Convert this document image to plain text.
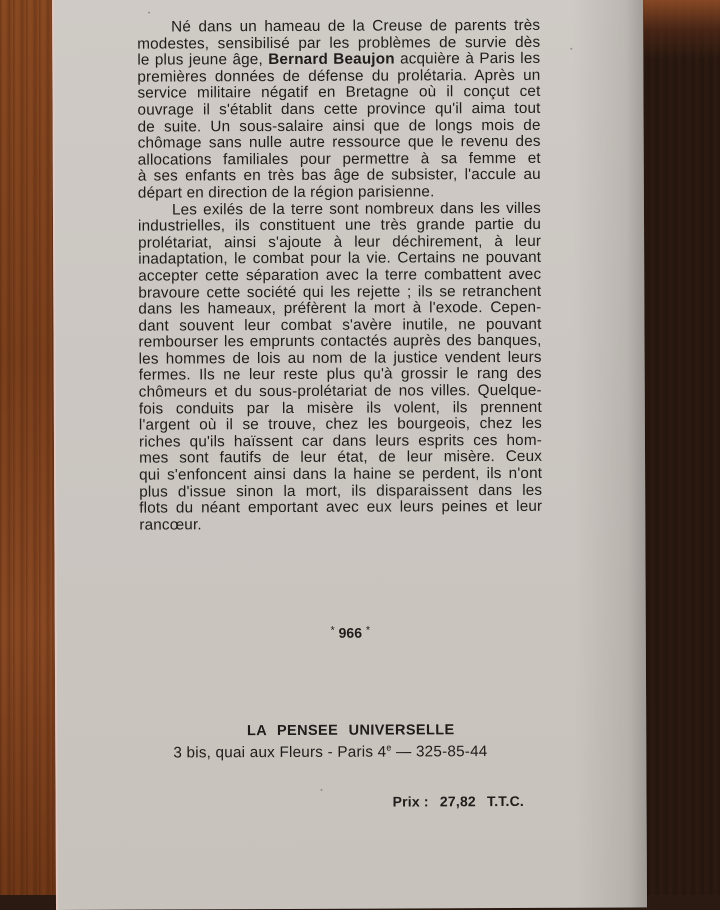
Né dans un hameau de la Creuse de parents très
modestes, sensibilisé par les problèmes de survie dès
le plus jeune âge, Bernard Beaujon acquière à Paris les
premières données de défense du prolétaria. Après un
service militaire négatif en Bretagne où il conçut cet
ouvrage il s'établit dans cette province qu'il aima tout
de suite. Un sous-salaire ainsi que de longs mois de
chômage sans nulle autre ressource que le revenu des
allocations familiales pour permettre à sa femme et
à ses enfants en très bas âge de subsister, l'accule au
départ en direction de la région parisienne.
Les exilés de la terre sont nombreux dans les villes
industrielles, ils constituent une très grande partie du
prolétariat, ainsi s'ajoute à leur déchirement, à leur
inadaptation, le combat pour la vie. Certains ne pouvant
accepter cette séparation avec la terre combattent avec
bravoure cette société qui les rejette ; ils se retranchent
dans les hameaux, préfèrent la mort à l'exode. Cepen-
dant souvent leur combat s'avère inutile, ne pouvant
rembourser les emprunts contactés auprès des banques,
les hommes de lois au nom de la justice vendent leurs
fermes. Ils ne leur reste plus qu'à grossir le rang des
chômeurs et du sous-prolétariat de nos villes. Quelque-
fois conduits par la misère ils volent, ils prennent
l'argent où il se trouve, chez les bourgeois, chez les
riches qu'ils haïssent car dans leurs esprits ces hom-
mes sont fautifs de leur état, de leur misère. Ceux
qui s'enfoncent ainsi dans la haine se perdent, ils n'ont
plus d'issue sinon la mort, ils disparaissent dans les
flots du néant emportant avec eux leurs peines et leur
rancœur.
* 966 *
LA PENSEE UNIVERSELLE
3 bis, quai aux Fleurs - Paris 4e — 325-85-44
Prix : 27,82 T.T.C.
